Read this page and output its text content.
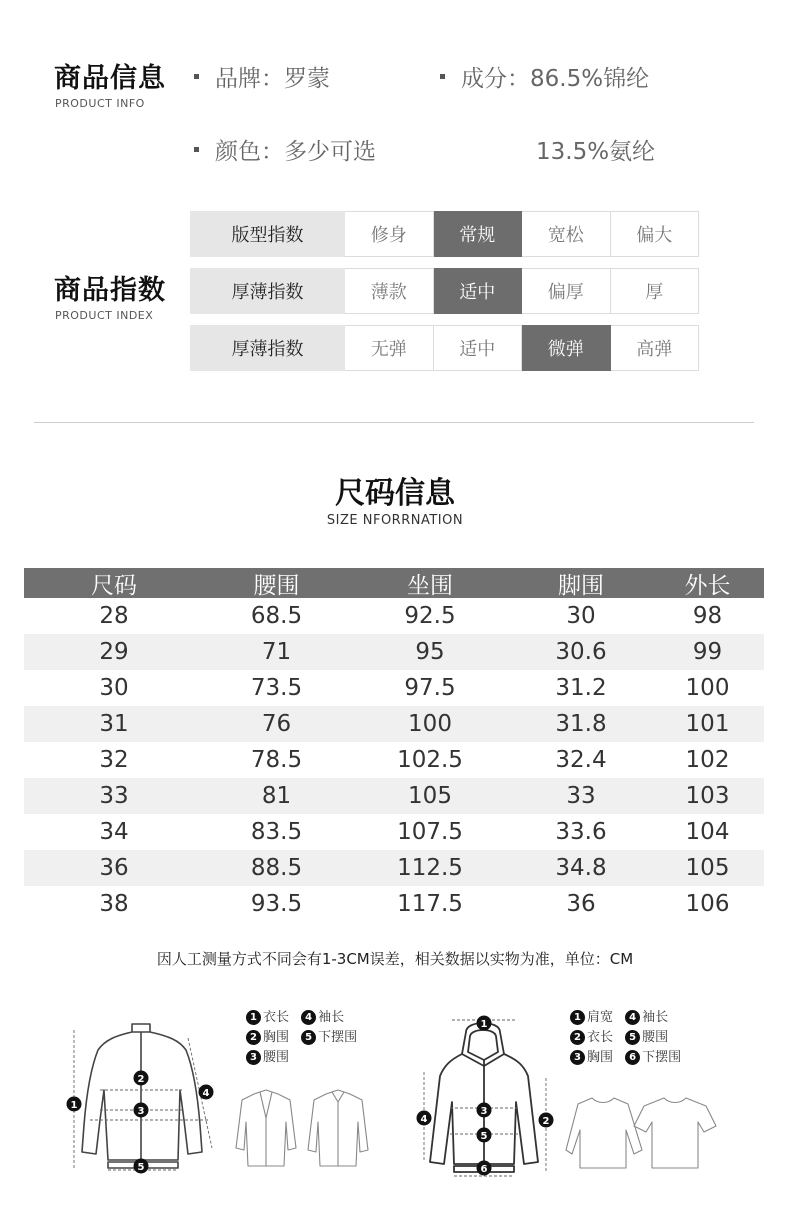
商品信息
PRODUCT INFO
品牌：罗蒙	成分：86.5%锦纶
颜色：多少可选	13.5%氨纶
商品指数
PRODUCT INDEX
版型指数	修身	常规	宽松	偏大
厚薄指数	薄款	适中	偏厚	厚
厚薄指数	无弹	适中	微弹	高弹
尺码信息
SIZE NFORRNATION
尺码	腰围	坐围	脚围	外长
28	68.5	92.5	30	98
29	71	95	30.6	99
30	73.5	97.5	31.2	100
31	76	100	31.8	101
32	78.5	102.5	32.4	102
33	81	105	33	103
34	83.5	107.5	33.6	104
36	88.5	112.5	34.8	105
38	93.5	117.5	36	106
因人工测量方式不同会有1-3CM误差，相关数据以实物为准，单位：CM
1
2
3
4
5
1 衣长 4 袖长
2 胸围 5 下摆围
3 腰围
1
2
3
4
5
6
1 肩宽 4 袖长
2 衣长 5 腰围
3 胸围 6 下摆围
